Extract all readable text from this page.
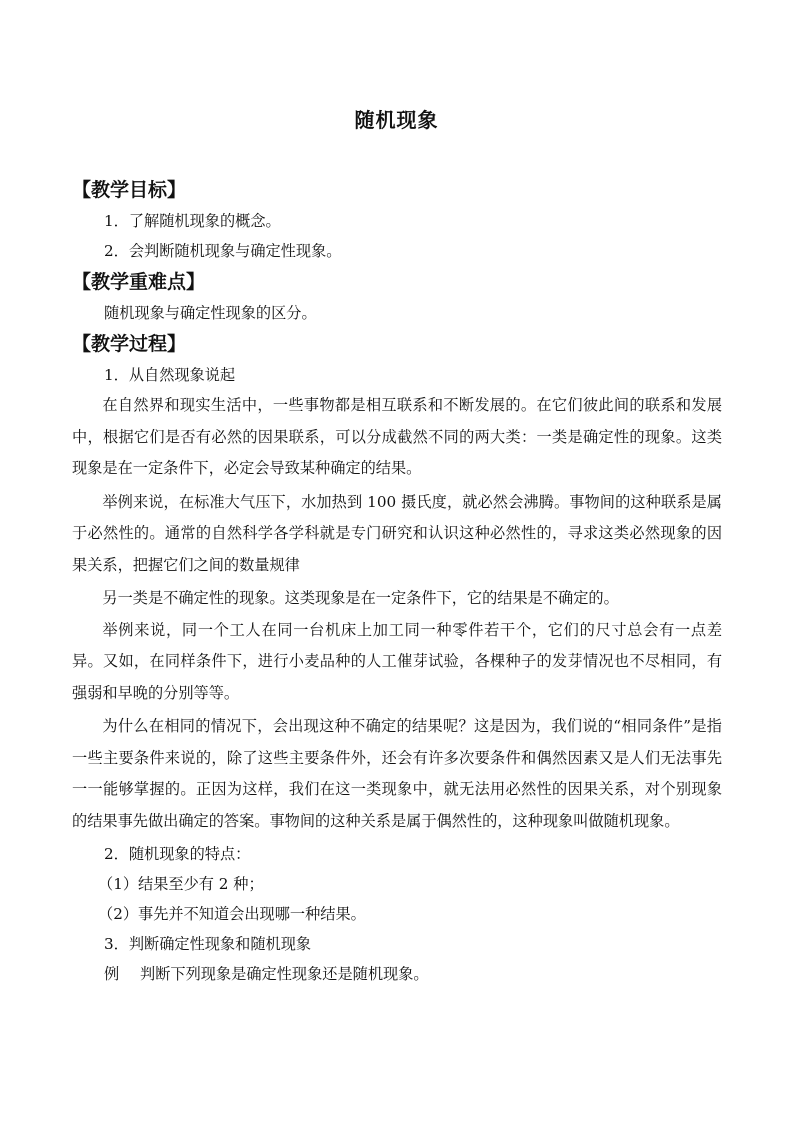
随机现象
【教学目标】
1．了解随机现象的概念。
2．会判断随机现象与确定性现象。
【教学重难点】
随机现象与确定性现象的区分。
【教学过程】
1．从自然现象说起

在自然界和现实生活中，一些事物都是相互联系和不断发展的。在它们彼此间的联系和发展中，根据它们是否有必然的因果联系，可以分成截然不同的两大类：一类是确定性的现象。这类现象是在一定条件下，必定会导致某种确定的结果。

举例来说，在标准大气压下，水加热到 100 摄氏度，就必然会沸腾。事物间的这种联系是属于必然性的。通常的自然科学各学科就是专门研究和认识这种必然性的，寻求这类必然现象的因果关系，把握它们之间的数量规律

另一类是不确定性的现象。这类现象是在一定条件下，它的结果是不确定的。

举例来说，同一个工人在同一台机床上加工同一种零件若干个，它们的尺寸总会有一点差异。又如，在同样条件下，进行小麦品种的人工催芽试验，各棵种子的发芽情况也不尽相同，有强弱和早晚的分别等等。

为什么在相同的情况下，会出现这种不确定的结果呢？这是因为，我们说的“相同条件”是指一些主要条件来说的，除了这些主要条件外，还会有许多次要条件和偶然因素又是人们无法事先一一能够掌握的。正因为这样，我们在这一类现象中，就无法用必然性的因果关系，对个别现象的结果事先做出确定的答案。事物间的这种关系是属于偶然性的，这种现象叫做随机现象。

2．随机现象的特点：
（1）结果至少有 2 种；
（2）事先并不知道会出现哪一种结果。
3．判断确定性现象和随机现象
例 判断下列现象是确定性现象还是随机现象。
